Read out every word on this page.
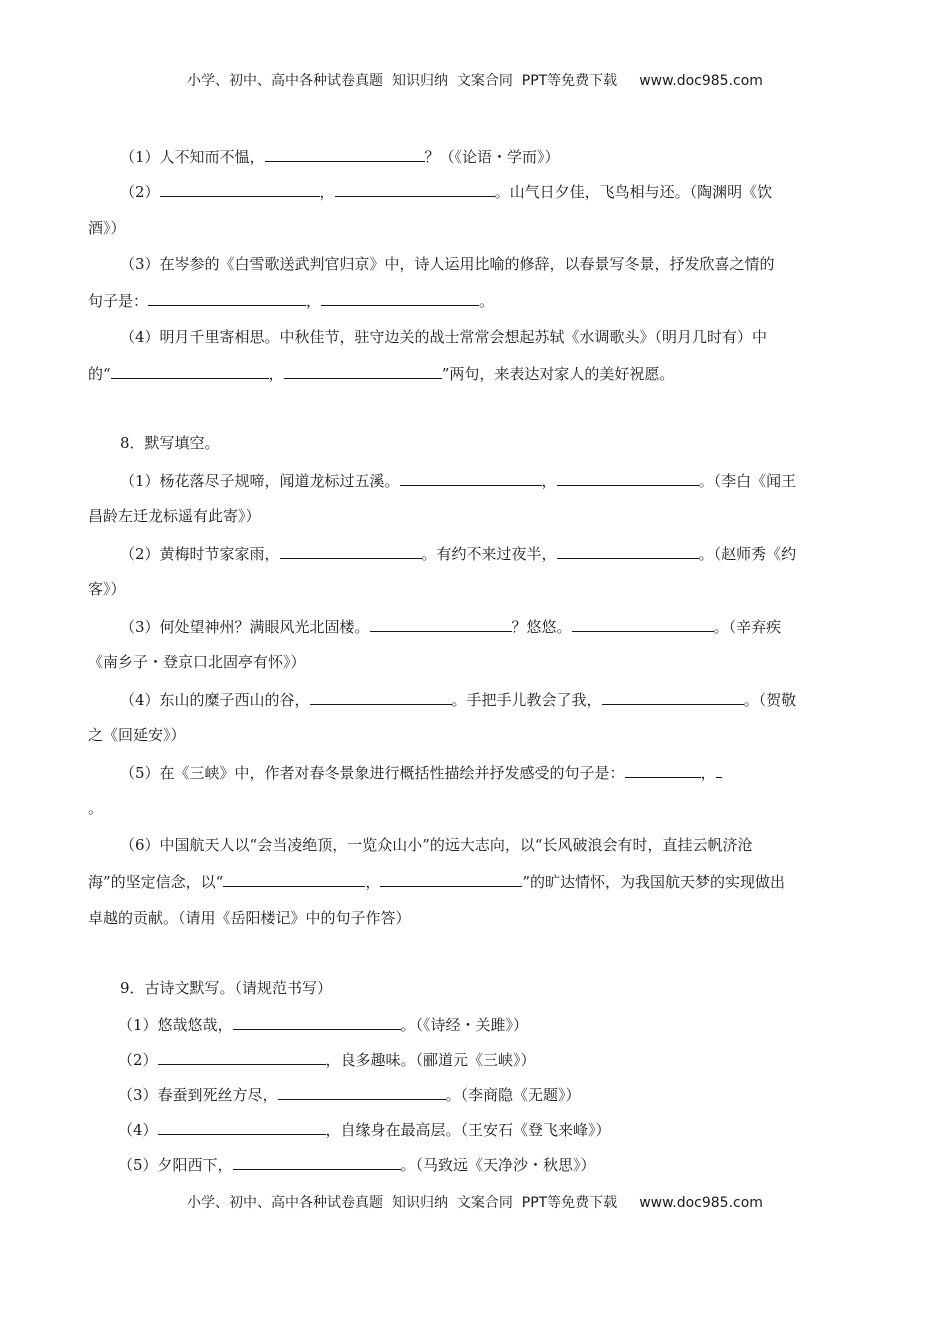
小学、初中、高中各种试卷真题  知识归纳  文案合同  PPT等免费下载 www.doc985.com
（1）人不知而不愠，	？（《论语・学而》）
（2）	，	。山气日夕佳，飞鸟相与还。（陶渊明《饮
酒》）
（3）在岑参的《白雪歌送武判官归京》中，诗人运用比喻的修辞，以春景写冬景，抒发欣喜之情的
句子是：	，	。
（4）明月千里寄相思。中秋佳节，驻守边关的战士常常会想起苏轼《水调歌头》（明月几时有）中
的“	，	”两句，来表达对家人的美好祝愿。
8．默写填空。
（1）杨花落尽子规啼，闻道龙标过五溪。	，	。（李白《闻王
昌龄左迁龙标遥有此寄》）
（2）黄梅时节家家雨，	。有约不来过夜半，	。（赵师秀《约
客》）
（3）何处望神州？满眼风光北固楼。	？悠悠。	。（辛弃疾
《南乡子・登京口北固亭有怀》）
（4）东山的糜子西山的谷，	。手把手儿教会了我，	。（贺敬
之《回延安》）
（5）在《三峡》中，作者对春冬景象进行概括性描绘并抒发感受的句子是：	，
。
（6）中国航天人以“会当凌绝顶，一览众山小”的远大志向，以“长风破浪会有时，直挂云帆济沧
海”的坚定信念，以“	，	”的旷达情怀，为我国航天梦的实现做出
卓越的贡献。（请用《岳阳楼记》中的句子作答）
9．古诗文默写。（请规范书写）
（1）悠哉悠哉，	。（《诗经・关雎》）
（2）	，良多趣味。（郦道元《三峡》）
（3）春蚕到死丝方尽，	。（李商隐《无题》）
（4）	，自缘身在最高层。（王安石《登飞来峰》）
（5）夕阳西下，	。（马致远《天净沙・秋思》）
小学、初中、高中各种试卷真题  知识归纳  文案合同  PPT等免费下载 www.doc985.com
